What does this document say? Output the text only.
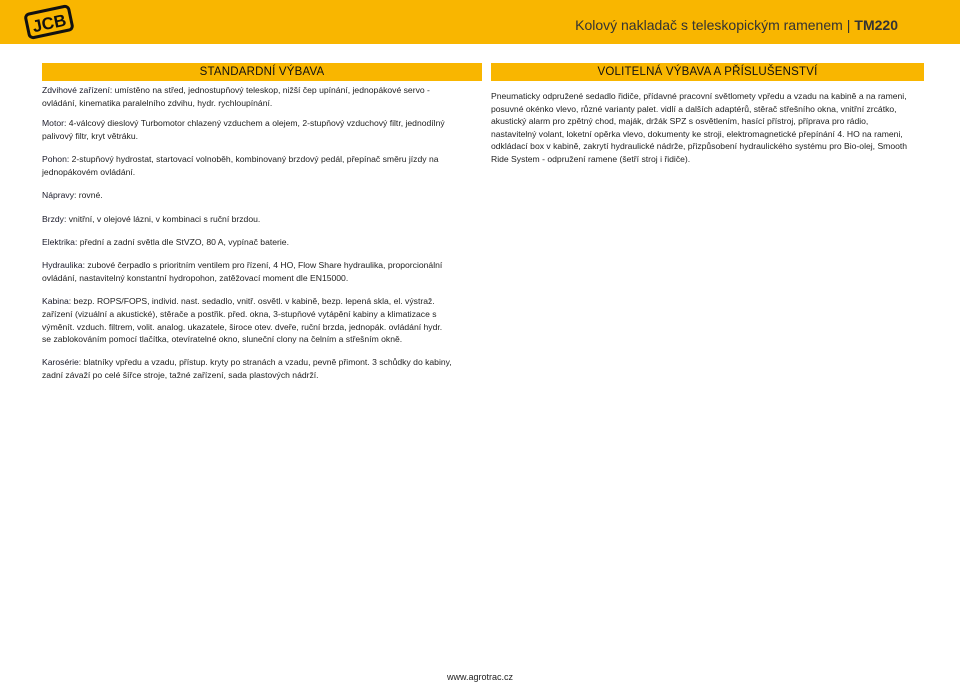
JCB	Kolový nakladač s teleskopickým ramenem | TM220
STANDARDNÍ VÝBAVA	VOLITELNÁ VÝBAVA A PŘÍSLUŠENSTVÍ

Zdvihové zařízení: umístěno na střed, jednostupňový teleskop, nižší čep upínání, jednopákové servo - ovládání, kinematika paralelního zdvihu, hydr. rychloupínání.

Motor: 4-válcový dieslový Turbomotor chlazený vzduchem a olejem, 2-stupňový vzduchový filtr, jednodílný palivový filtr, kryt větráku.

Pohon: 2-stupňový hydrostat, startovací volnoběh, kombinovaný brzdový pedál, přepínač směru jízdy na jednopákovém ovládání.

Nápravy: rovné.

Brzdy: vnitřní, v olejové lázni, v kombinaci s ruční brzdou.

Elektrika: přední a zadní světla dle StVZO, 80 A, vypínač baterie.

Hydraulika: zubové čerpadlo s prioritním ventilem pro řízení, 4 HO, Flow Share hydraulika, proporcionální ovládání, nastavitelný konstantní hydropohon, zatěžovací moment dle EN15000.

Kabina: bezp. ROPS/FOPS, individ. nast. sedadlo, vnitř. osvětl. v kabině, bezp. lepená skla, el. výstraž. zařízení (vizuální a akustické), stěrače a postřik. před. okna, 3-stupňové vytápění kabiny a klimatizace s výměnít. vzduch. filtrem, volit. analog. ukazatele, široce otev. dveře, ruční brzda, jednopák. ovládání hydr. se zablokováním pomocí tlačítka, otevíratelné okno, sluneční clony na čelním a střešním okně.

Karosérie: blatníky vpředu a vzadu, přístup. kryty po stranách a vzadu, pevně přimont. 3 schůdky do kabiny, zadní závaží po celé šířce stroje, tažné zařízení, sada plastových nádrží.

Pneumaticky odpružené sedadlo řidiče, přídavné pracovní světlomety vpředu a vzadu na kabině a na rameni, posuvné okénko vlevo, různé varianty palet. vidlí a dalších adaptérů, stěrač střešního okna, vnitřní zrcátko, akustický alarm pro zpětný chod, maják, držák SPZ s osvětlením, hasící přístroj, příprava pro rádio, nastavitelný volant, loketní opěrka vlevo, dokumenty ke stroji, elektromagnetické přepínání 4. HO na rameni, odkládací box v kabině, zakrytí hydraulické nádrže, přizpůsobení hydraulického systému pro Bio-olej, Smooth Ride System - odpružení ramene (šetří stroj i řidiče).

www.agrotrac.cz
